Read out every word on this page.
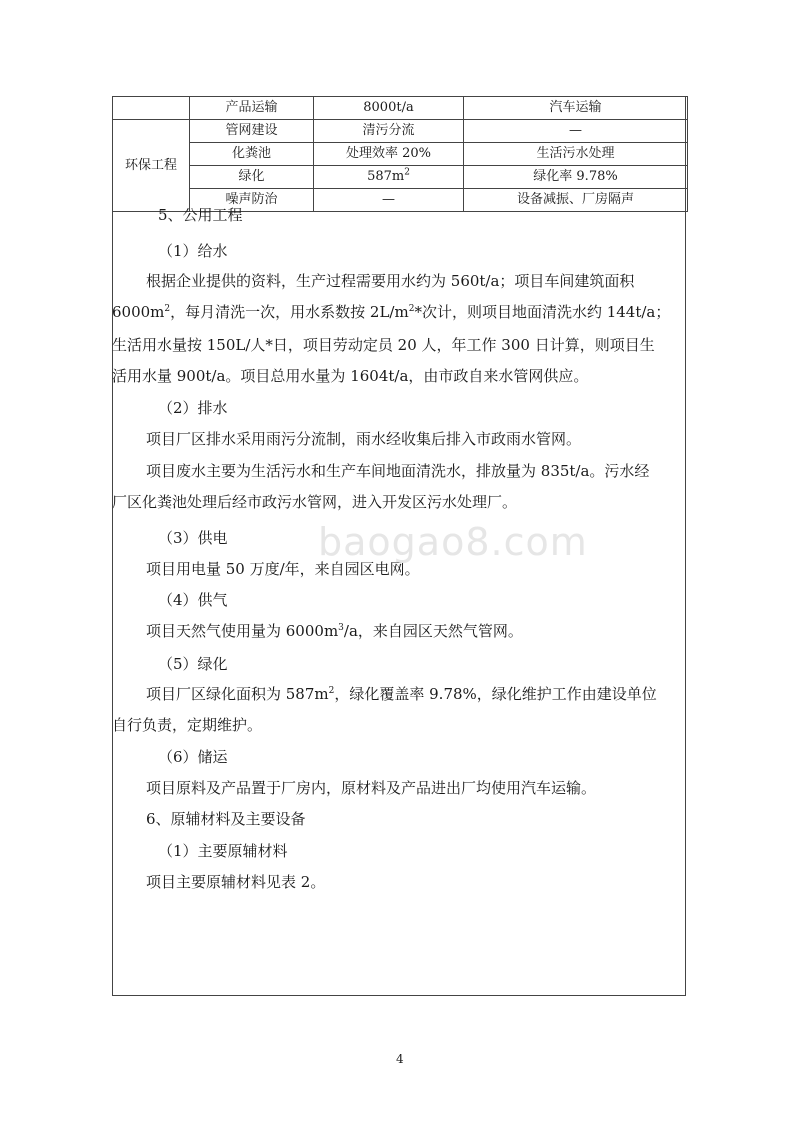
	产品运输	8000t/a	汽车运输
环保工程	管网建设	清污分流	—
	化粪池	处理效率 20%	生活污水处理
	绿化	$587m^2$	绿化率 9.78%
	噪声防治	—	设备减振、厂房隔声
5、公用工程
（1）给水
根据企业提供的资料，生产过程需要用水约为 560t/a；项目车间建筑面积
$6000m^2$，每月清洗一次，用水系数按 $2L/m^2*$次计，则项目地面清洗水约 144t/a；
生活用水量按 150L/人*日，项目劳动定员 20 人，年工作 300 日计算，则项目生
活用水量 900t/a。项目总用水量为 1604t/a，由市政自来水管网供应。
（2）排水
项目厂区排水采用雨污分流制，雨水经收集后排入市政雨水管网。
项目废水主要为生活污水和生产车间地面清洗水，排放量为 835t/a。污水经
厂区化粪池处理后经市政污水管网，进入开发区污水处理厂。
（3）供电
项目用电量 50 万度/年，来自园区电网。
（4）供气
项目天然气使用量为 $6000m^3/a$，来自园区天然气管网。
（5）绿化
项目厂区绿化面积为 $587m^2$，绿化覆盖率 9.78%，绿化维护工作由建设单位
自行负责，定期维护。
（6）储运
项目原料及产品置于厂房内，原材料及产品进出厂均使用汽车运输。
6、原辅材料及主要设备
（1）主要原辅材料
项目主要原辅材料见表 2。
baogao8.com
4
